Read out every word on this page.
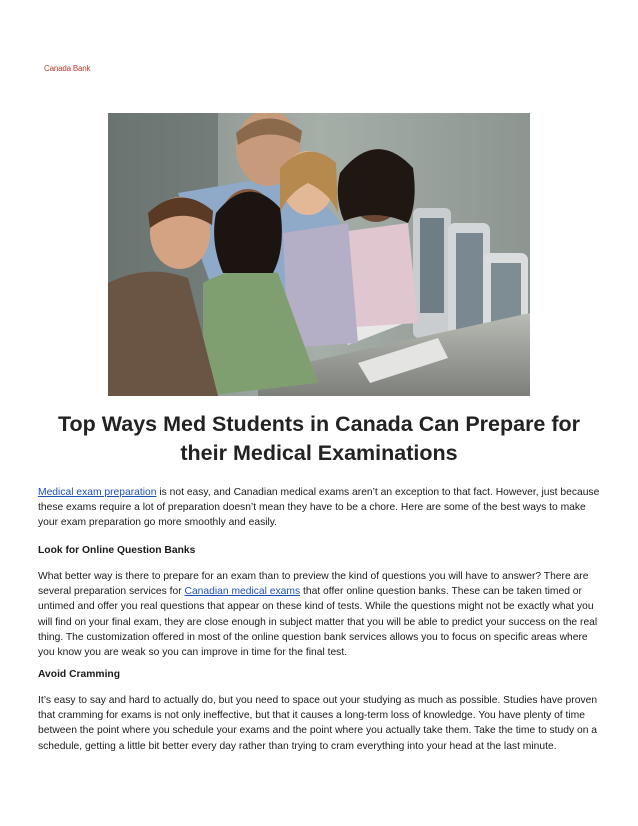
Canada Bank
Top Ways Med Students in Canada Can Prepare for
their Medical Examinations
Medical exam preparation is not easy, and Canadian medical exams aren’t an exception to that fact. However, just because these exams require a lot of preparation doesn’t mean they have to be a chore. Here are some of the best ways to make your exam preparation go more smoothly and easily.
Look for Online Question Banks
What better way is there to prepare for an exam than to preview the kind of questions you will have to answer? There are several preparation services for Canadian medical exams that offer online question banks. These can be taken timed or untimed and offer you real questions that appear on these kind of tests. While the questions might not be exactly what you will find on your final exam, they are close enough in subject matter that you will be able to predict your success on the real thing. The customization offered in most of the online question bank services allows you to focus on specific areas where you know you are weak so you can improve in time for the final test.
Avoid Cramming
It’s easy to say and hard to actually do, but you need to space out your studying as much as possible. Studies have proven that cramming for exams is not only ineffective, but that it causes a long-term loss of knowledge. You have plenty of time between the point where you schedule your exams and the point where you actually take them. Take the time to study on a schedule, getting a little bit better every day rather than trying to cram everything into your head at the last minute.
